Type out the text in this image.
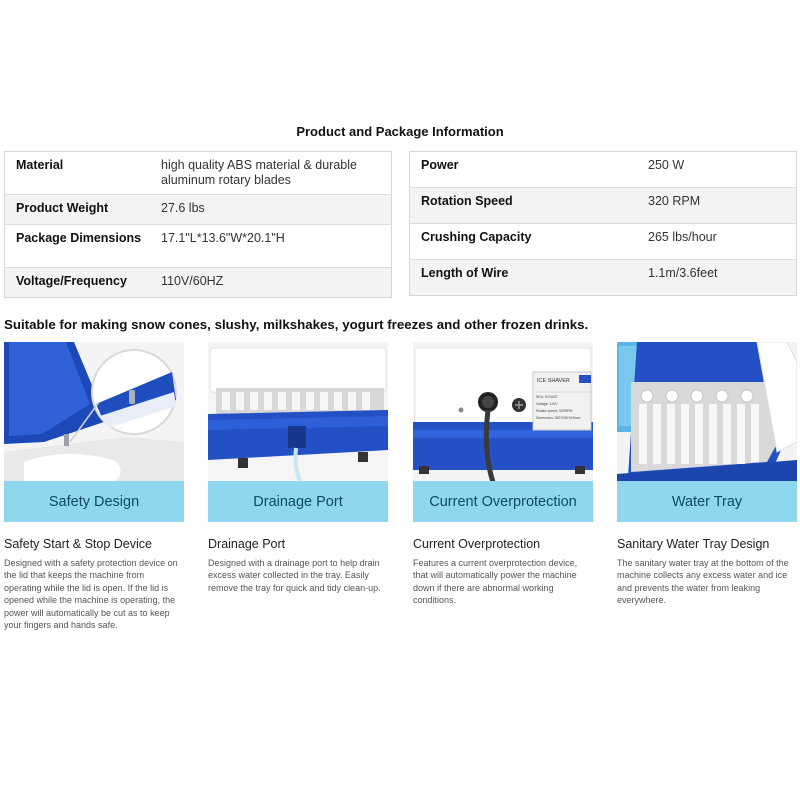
Product and Package Information
Material	high quality ABS material & durable aluminum rotary blades

Product Weight	27.6 lbs

Package Dimensions	17.1"L*13.6"W*20.1"H

Voltage/Frequency	110V/60HZ
Power	250 W

Rotation Speed	320 RPM

Crushing Capacity	265 lbs/hour

Length of Wire	1.1m/3.6feet
Suitable for making snow cones, slushy, milkshakes, yogurt freezes and other frozen drinks.
Safety Design
Safety Start & Stop Device
Designed with a safety protection device on the lid that keeps the machine from operating while the lid is open. If the lid is opened while the machine is operating, the power will automatically be cut as to keep your fingers and hands safe.
Drainage Port
Drainage Port
Designed with a drainage port to help drain excess water collected in the tray. Easily remove the tray for quick and tidy clean-up.
ICE SHAVER
SKU: SY4437
Voltage: 110V
Rotate speed: 320RPM
Dimension: 250*336*415mm
Current Overprotection
Current Overprotection
Features a current overprotection device, that will automatically power the machine down if there are abnormal working conditions.
Water Tray
Sanitary Water Tray Design
The sanitary water tray at the bottom of the machine collects any excess water and ice and prevents the water from leaking everywhere.
